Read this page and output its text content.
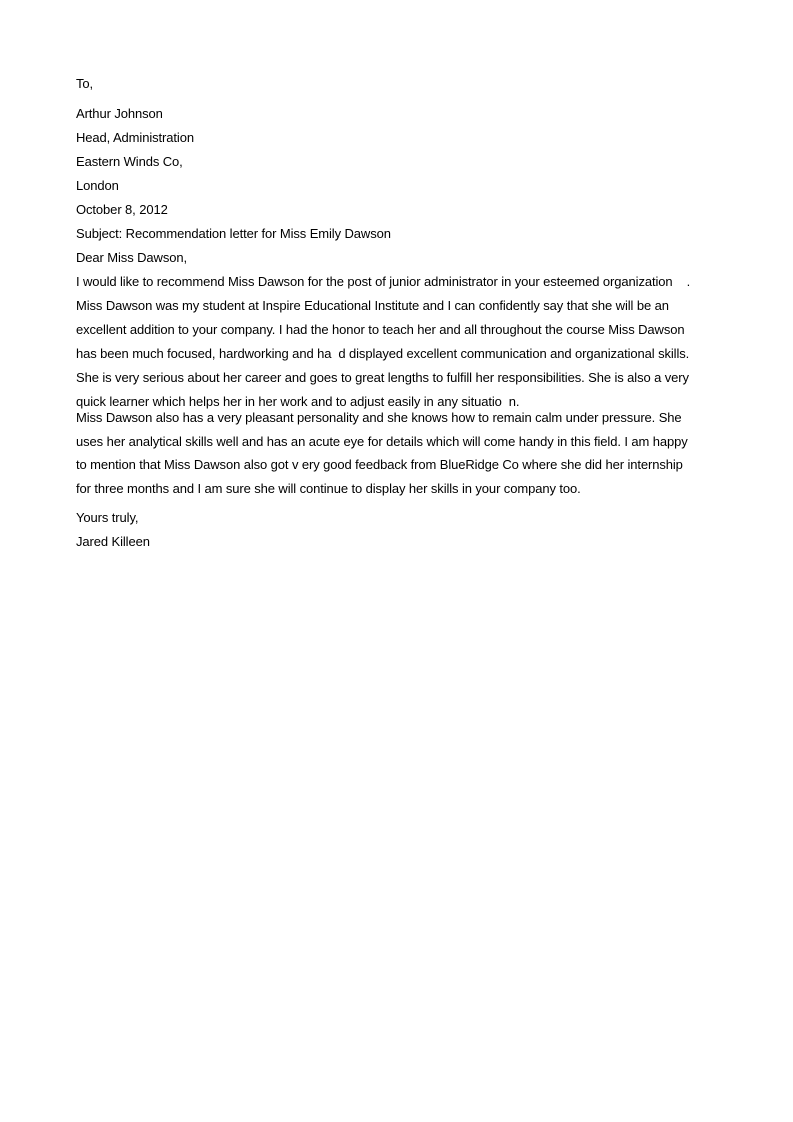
To,
Arthur Johnson
Head, Administration
Eastern Winds Co,
London
October 8, 2012
Subject: Recommendation letter for Miss Emily Dawson
Dear Miss Dawson,
I would like to recommend Miss Dawson for the post of junior administrator in your esteemed organization    .
Miss Dawson was my student at Inspire Educational Institute and I can confidently say that she will be an
excellent addition to your company. I had the honor to teach her and all throughout the course Miss Dawson
has been much focused, hardworking and ha  d displayed excellent communication and organizational skills.
She is very serious about her career and goes to great lengths to fulfill her responsibilities. She is also a very
quick learner which helps her in her work and to adjust easily in any situatio  n.
Miss Dawson also has a very pleasant personality and she knows how to remain calm under pressure. She
uses her analytical skills well and has an acute eye for details which will come handy in this field. I am happy
to mention that Miss Dawson also got v ery good feedback from BlueRidge Co where she did her internship
for three months and I am sure she will continue to display her skills in your company too.
Yours truly,
Jared Killeen
